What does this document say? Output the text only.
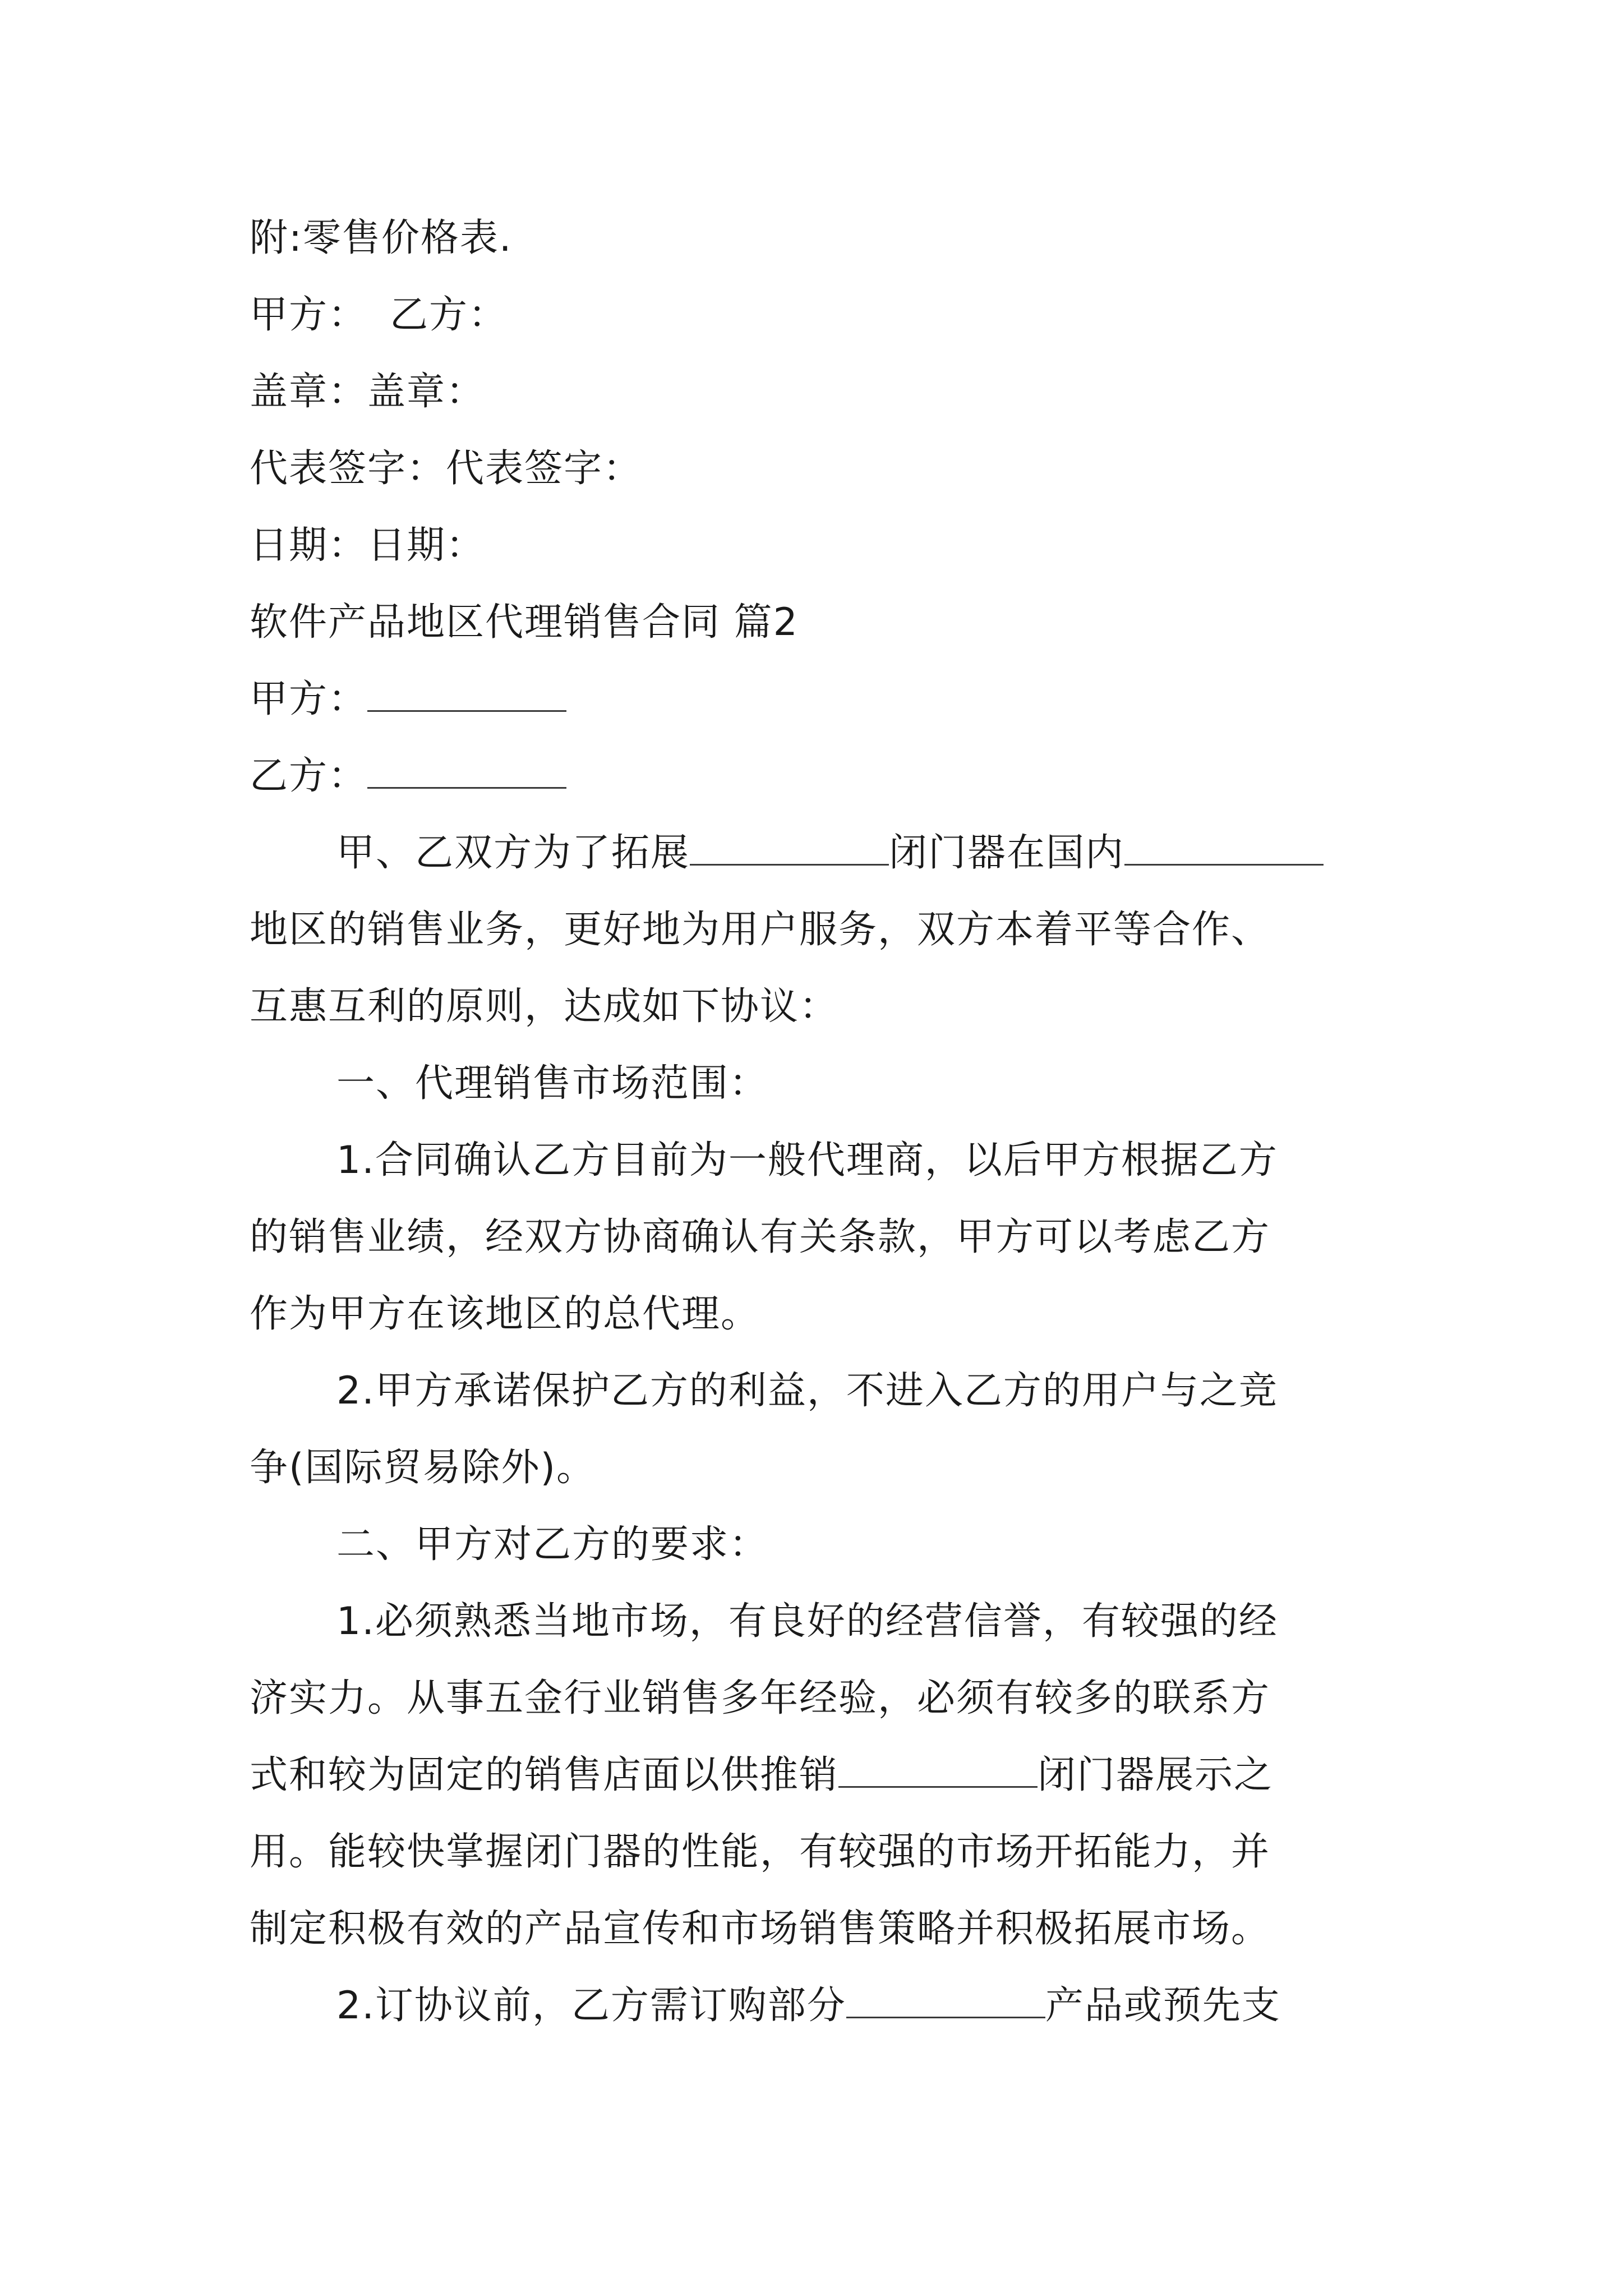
附:零售价格表.
甲方： 乙方：
盖章：盖章：
代表签字：代表签字：
日期：日期：
软件产品地区代理销售合同 篇2
甲方：
乙方：
甲、乙双方为了拓展	闭门器在国内
地区的销售业务，更好地为用户服务，双方本着平等合作、
互惠互利的原则，达成如下协议：
一、代理销售市场范围：
1.合同确认乙方目前为一般代理商，以后甲方根据乙方
的销售业绩，经双方协商确认有关条款，甲方可以考虑乙方
作为甲方在该地区的总代理。
2.甲方承诺保护乙方的利益，不进入乙方的用户与之竞
争(国际贸易除外)。
二、甲方对乙方的要求：
1.必须熟悉当地市场，有良好的经营信誉，有较强的经
济实力。从事五金行业销售多年经验，必须有较多的联系方
式和较为固定的销售店面以供推销	闭门器展示之
用。能较快掌握闭门器的性能，有较强的市场开拓能力，并
制定积极有效的产品宣传和市场销售策略并积极拓展市场。
2.订协议前，乙方需订购部分	产品或预先支
